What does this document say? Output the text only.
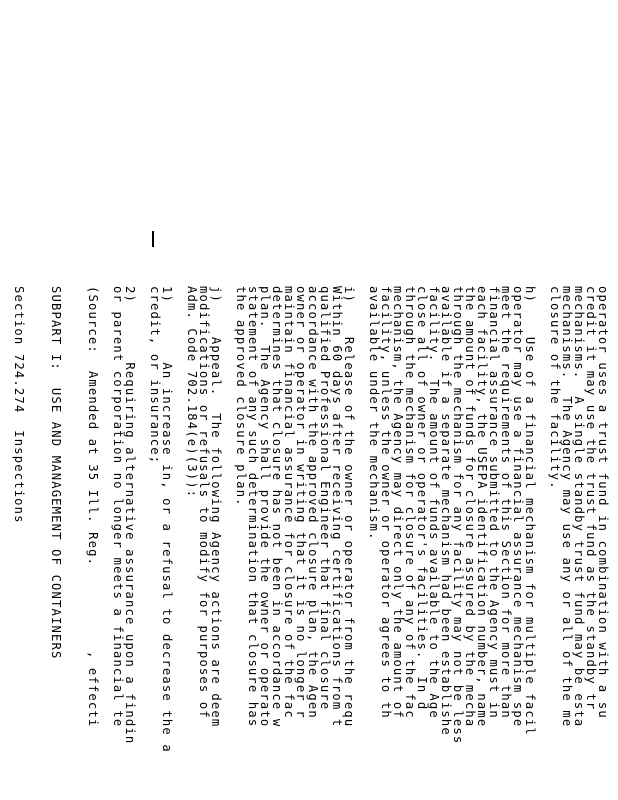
operator uses a trust fund in combination with a su
credit it may use the trust fund as the standby tr
mechanisms.  A single standby trust fund may be esta
mechanisms.  The Agency may use any or all of the me
closure of the facility.
h)    Use of a financial mechanism for multiple facil
operator may use a financial assurance mechanism spe
meet the requirements of this Section for more than
financial assurance submitted to the Agency must in
each facility, the USEPA identification number, name
the amount of funds for closure assured by the mecha
through the mechanism for any facility may not be less
available if a separate mechanism had been establishe
facility.  The amount of funds available to the Age
close all of owner or operator's facilities.  In d
through the mechanism for closure of any of the fac
mechanism, the Agency may direct only the amount of
facility, unless the owner or operator agrees to th
available under the mechanism.
i)    Release of the owner or operator from the requ
Within 60 days after receiving certifications from t
qualified Professional Engineer that final closure
accordance with the approved closure plan, the Agen
owner or operator in writing that it is no longer r
maintain financial assurance for closure of the fac
determines that closure has not been in accordance w
plan.  The Agency shall provide the owner or operato
statement of any such determination that closure has
the approved closure plan.
j)    Appeal.  The following Agency actions are deem
modifications or refusals to modify for purposes of
Adm. Code 702.184(e)(3)):
1)       An increase in, or a refusal to decrease the a
credit, or insurance;
2)       Requiring alternative assurance upon a findin
or parent corporation no longer meets a financial te
(Source:  Amended at 35 Ill. Reg.          , effecti
SUBPART I:  USE AND MANAGEMENT OF CONTAINERS
Section 724.274  Inspections
